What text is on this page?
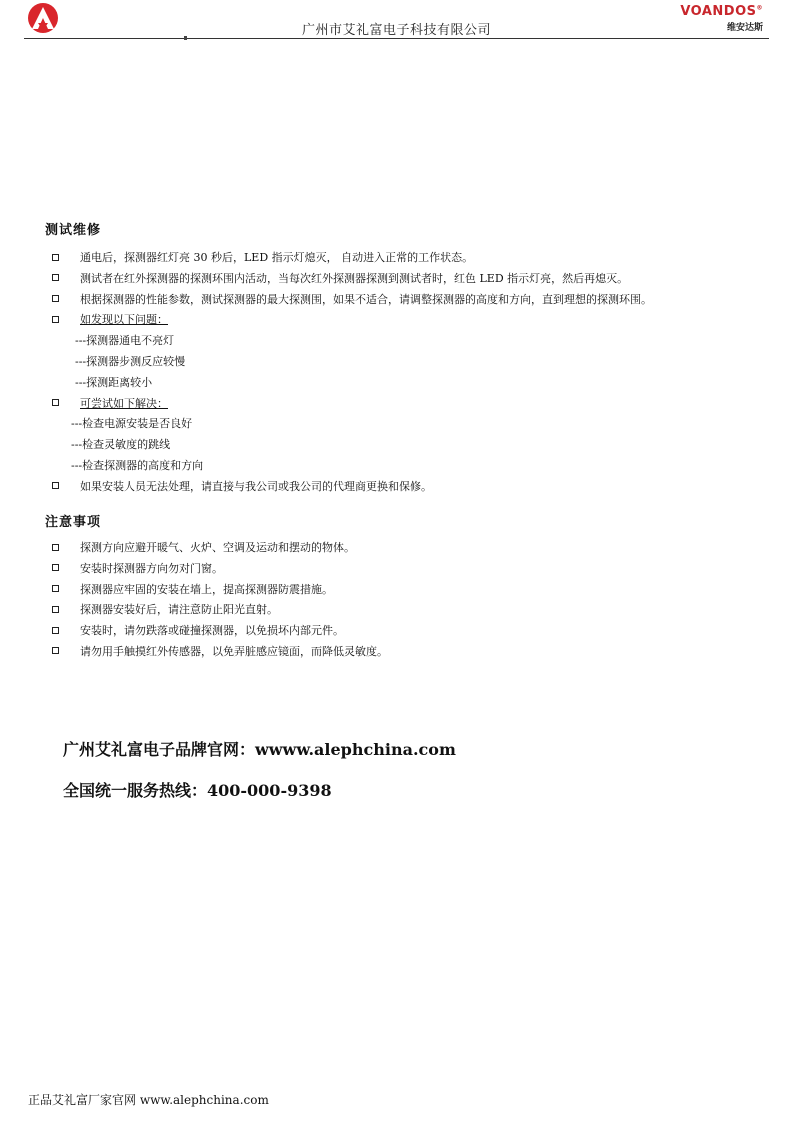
广州市艾礼富电子科技有限公司
VOANDOS®
维安达斯
测试维修
通电后，探测器红灯亮 30 秒后，LED 指示灯熄灭， 自动进入正常的工作状态。
测试者在红外探测器的探测环围内活动，当每次红外探测器探测到测试者时，红色 LED 指示灯亮，然后再熄灭。
根据探测器的性能参数，测试探测器的最大探测围，如果不适合，请调整探测器的高度和方向，直到理想的探测环围。
如发现以下问题：
---探测器通电不亮灯
---探测器步测反应较慢
---探测距离较小
可尝试如下解决：
---检查电源安装是否良好
---检查灵敏度的跳线
---检查探测器的高度和方向
如果安装人员无法处理，请直接与我公司或我公司的代理商更换和保修。
注意事项
探测方向应避开暖气、火炉、空调及运动和摆动的物体。
安装时探测器方向勿对门窗。
探测器应牢固的安装在墙上，提高探测器防震措施。
探测器安装好后，请注意防止阳光直射。
安装时，请勿跌落或碰撞探测器，以免损坏内部元件。
请勿用手触摸红外传感器，以免弄脏感应镜面，而降低灵敏度。
广州艾礼富电子品牌官网：wwww.alephchina.com
全国统一服务热线：400-000-9398
正品艾礼富厂家官网 www.alephchina.com
